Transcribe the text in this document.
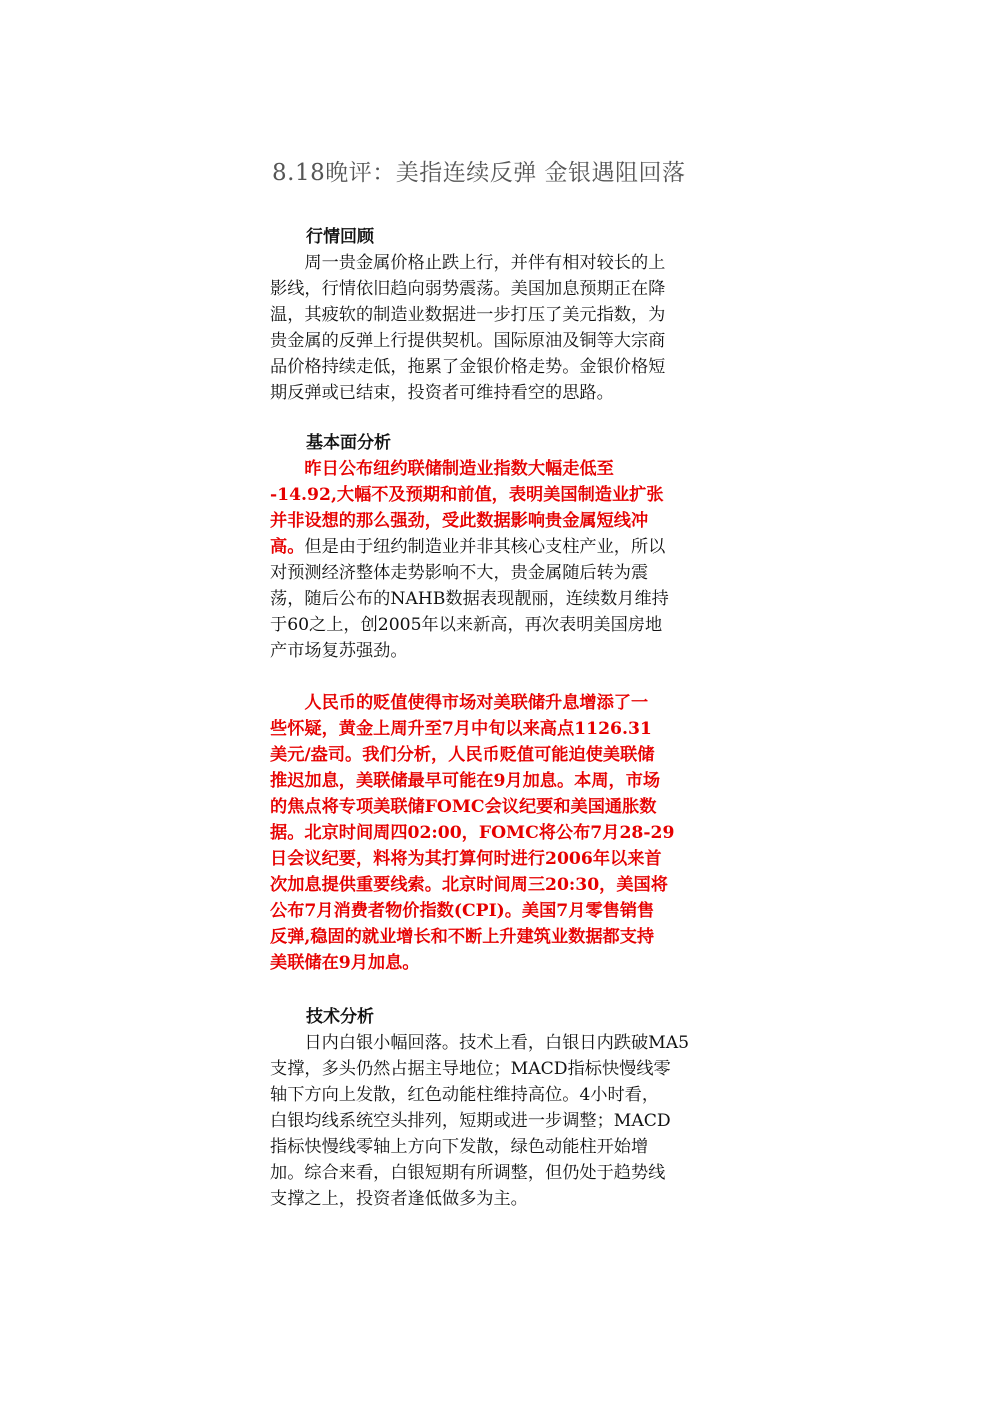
8.18晚评：美指连续反弹 金银遇阻回落
行情回顾
　　周一贵金属价格止跌上行，并伴有相对较长的上
影线，行情依旧趋向弱势震荡。美国加息预期正在降
温，其疲软的制造业数据进一步打压了美元指数，为
贵金属的反弹上行提供契机。国际原油及铜等大宗商
品价格持续走低，拖累了金银价格走势。金银价格短
期反弹或已结束，投资者可维持看空的思路。
基本面分析
　　昨日公布纽约联储制造业指数大幅走低至
-14.92,大幅不及预期和前值，表明美国制造业扩张
并非设想的那么强劲，受此数据影响贵金属短线冲
高。但是由于纽约制造业并非其核心支柱产业，所以
对预测经济整体走势影响不大，贵金属随后转为震
荡，随后公布的NAHB数据表现靓丽，连续数月维持
于60之上，创2005年以来新高，再次表明美国房地
产市场复苏强劲。
　　人民币的贬值使得市场对美联储升息增添了一
些怀疑，黄金上周升至7月中旬以来高点1126.31
美元/盎司。我们分析，人民币贬值可能迫使美联储
推迟加息，美联储最早可能在9月加息。本周，市场
的焦点将专项美联储FOMC会议纪要和美国通胀数
据。北京时间周四02:00，FOMC将公布7月28-29
日会议纪要，料将为其打算何时进行2006年以来首
次加息提供重要线索。北京时间周三20:30，美国将
公布7月消费者物价指数(CPI)。美国7月零售销售
反弹,稳固的就业增长和不断上升建筑业数据都支持
美联储在9月加息。
技术分析
　　日内白银小幅回落。技术上看，白银日内跌破MA5
支撑，多头仍然占据主导地位；MACD指标快慢线零
轴下方向上发散，红色动能柱维持高位。4小时看，
白银均线系统空头排列，短期或进一步调整；MACD
指标快慢线零轴上方向下发散，绿色动能柱开始增
加。综合来看，白银短期有所调整，但仍处于趋势线
支撑之上，投资者逢低做多为主。
